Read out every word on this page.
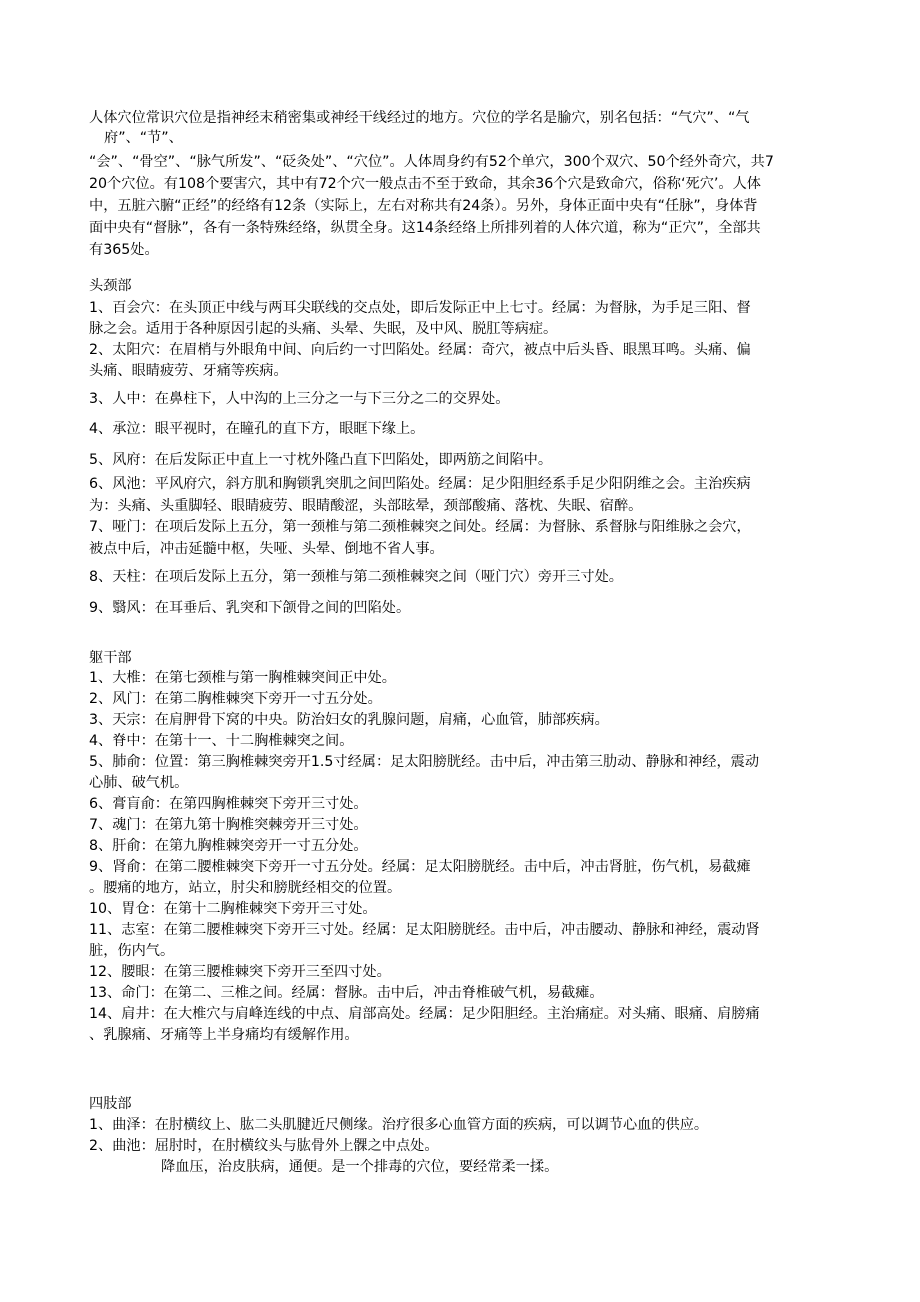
人体穴位常识穴位是指神经末稍密集或神经干线经过的地方。穴位的学名是腧穴，别名包括：“气穴”、“气
府”、“节”、
“会”、“骨空”、“脉气所发”、“砭灸处”、“穴位”。人体周身约有52个单穴，300个双穴、50个经外奇穴，共7
20个穴位。有108个要害穴，其中有72个穴一般点击不至于致命，其余36个穴是致命穴，俗称‘死穴’。人体
中，五脏六腑“正经”的经络有12条（实际上，左右对称共有24条）。另外，身体正面中央有“任脉”，身体背
面中央有“督脉”，各有一条特殊经络，纵贯全身。这14条经络上所排列着的人体穴道，称为“正穴”，全部共
有365处。
头颈部
1、百会穴：在头顶正中线与两耳尖联线的交点处，即后发际正中上七寸。经属：为督脉，为手足三阳、督
脉之会。适用于各种原因引起的头痛、头晕、失眠，及中风、脱肛等病症。
2、太阳穴：在眉梢与外眼角中间、向后约一寸凹陷处。经属：奇穴，被点中后头昏、眼黑耳鸣。头痛、偏
头痛、眼睛疲劳、牙痛等疾病。
3、人中：在鼻柱下，人中沟的上三分之一与下三分之二的交界处。
4、承泣：眼平视时，在瞳孔的直下方，眼眶下缘上。
5、风府：在后发际正中直上一寸枕外隆凸直下凹陷处，即两筋之间陷中。
6、风池：平风府穴，斜方肌和胸锁乳突肌之间凹陷处。经属：足少阳胆经系手足少阳阴维之会。主治疾病
为：头痛、头重脚轻、眼睛疲劳、眼睛酸涩，头部眩晕，颈部酸痛、落枕、失眠、宿醉。
7、哑门：在项后发际上五分，第一颈椎与第二颈椎棘突之间处。经属：为督脉、系督脉与阳维脉之会穴，
被点中后，冲击延髓中枢，失哑、头晕、倒地不省人事。
8、天柱：在项后发际上五分，第一颈椎与第二颈椎棘突之间（哑门穴）旁开三寸处。
9、翳风：在耳垂后、乳突和下颌骨之间的凹陷处。
躯干部
1、大椎：在第七颈椎与第一胸椎棘突间正中处。
2、风门：在第二胸椎棘突下旁开一寸五分处。
3、天宗：在肩胛骨下窝的中央。防治妇女的乳腺问题，肩痛，心血管，肺部疾病。
4、脊中：在第十一、十二胸椎棘突之间。
5、肺俞：位置：第三胸椎棘突旁开1.5寸经属：足太阳膀胱经。击中后，冲击第三肋动、静脉和神经，震动
心肺、破气机。
6、膏肓俞：在第四胸椎棘突下旁开三寸处。
7、魂门：在第九第十胸椎突棘旁开三寸处。
8、肝俞：在第九胸椎棘突旁开一寸五分处。
9、肾俞：在第二腰椎棘突下旁开一寸五分处。经属：足太阳膀胱经。击中后，冲击肾脏，伤气机，易截瘫
。腰痛的地方，站立，肘尖和膀胱经相交的位置。
10、胃仓：在第十二胸椎棘突下旁开三寸处。
11、志室：在第二腰椎棘突下旁开三寸处。经属：足太阳膀胱经。击中后，冲击腰动、静脉和神经，震动肾
脏，伤内气。
12、腰眼：在第三腰椎棘突下旁开三至四寸处。
13、命门：在第二、三椎之间。经属：督脉。击中后，冲击脊椎破气机，易截瘫。
14、肩井：在大椎穴与肩峰连线的中点、肩部高处。经属：足少阳胆经。主治痛症。对头痛、眼痛、肩膀痛
、乳腺痛、牙痛等上半身痛均有缓解作用。
四肢部
1、曲泽：在肘横纹上、肱二头肌腱近尺侧缘。治疗很多心血管方面的疾病，可以调节心血的供应。
2、曲池：屈肘时，在肘横纹头与肱骨外上髁之中点处。
降血压，治皮肤病，通便。是一个排毒的穴位，要经常柔一揉。
